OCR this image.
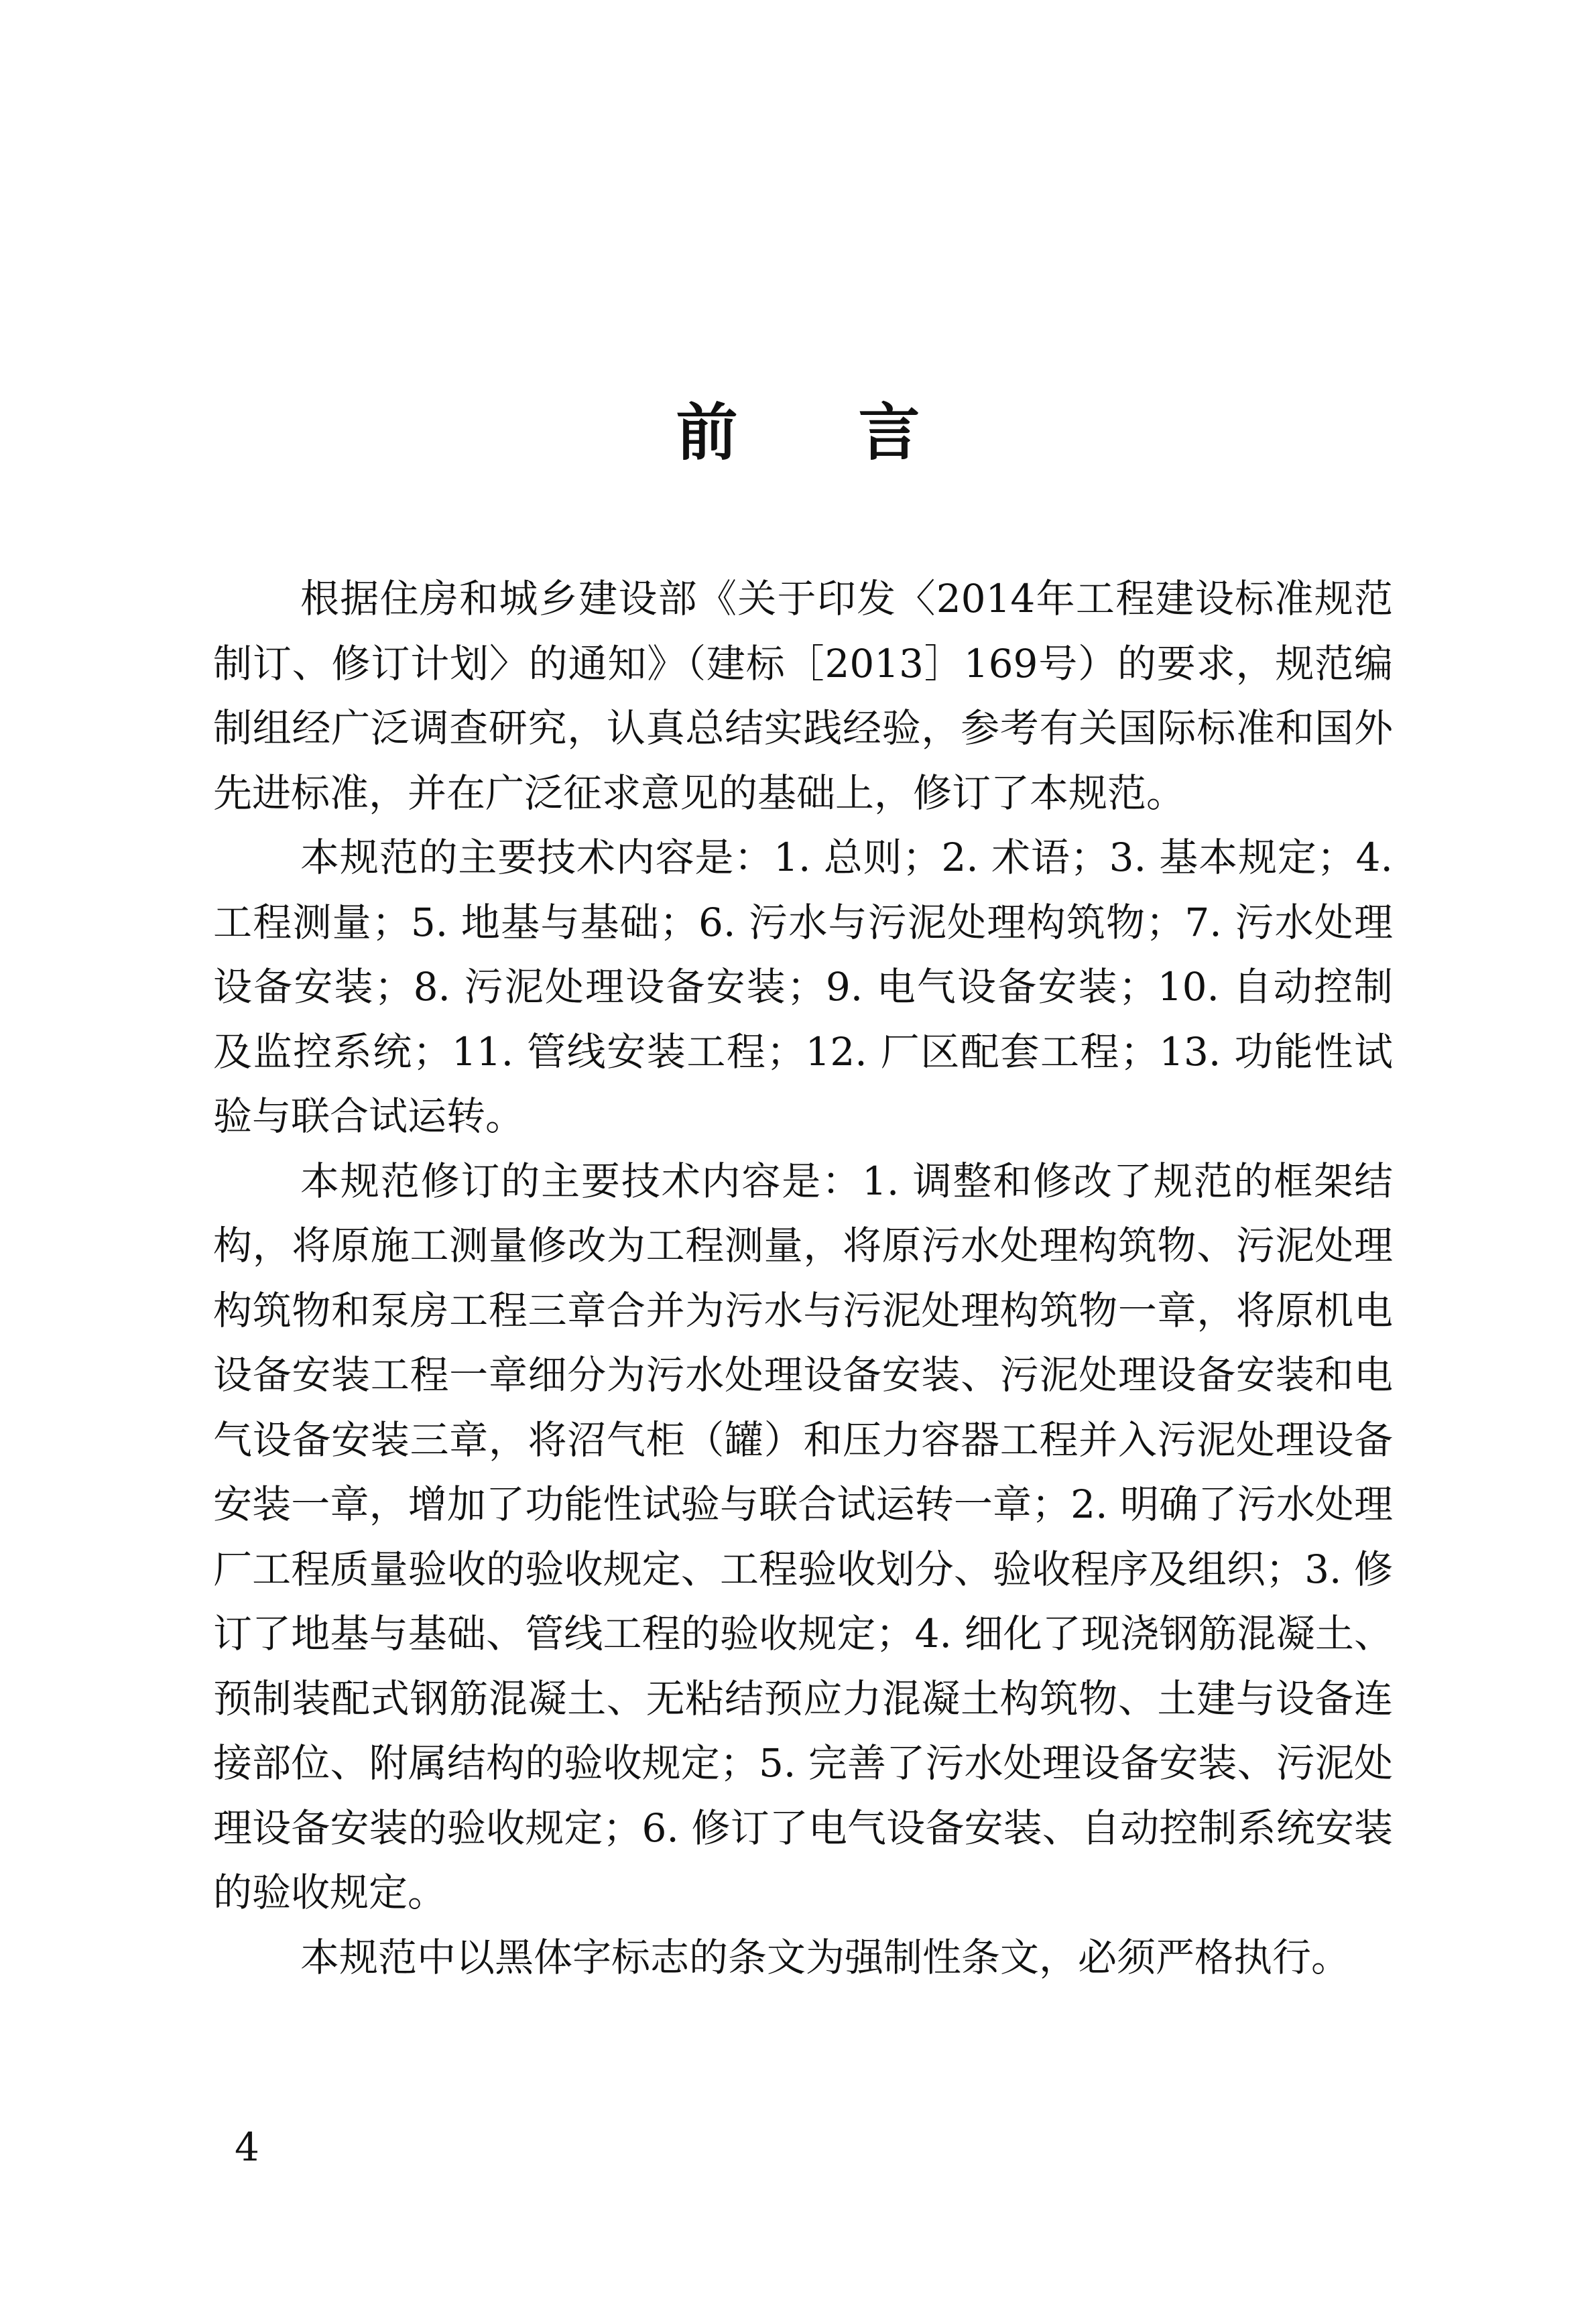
前 言

根据住房和城乡建设部《关于印发〈2014年工程建设标准规范制订、修订计划〉的通知》（建标［2013］169号）的要求，规范编制组经广泛调查研究，认真总结实践经验，参考有关国际标准和国外先进标准，并在广泛征求意见的基础上，修订了本规范。

本规范的主要技术内容是：1. 总则；2. 术语；3. 基本规定；4. 工程测量；5. 地基与基础；6. 污水与污泥处理构筑物；7. 污水处理设备安装；8. 污泥处理设备安装；9. 电气设备安装；10. 自动控制及监控系统；11. 管线安装工程；12. 厂区配套工程；13. 功能性试验与联合试运转。

本规范修订的主要技术内容是：1. 调整和修改了规范的框架结构，将原施工测量修改为工程测量，将原污水处理构筑物、污泥处理构筑物和泵房工程三章合并为污水与污泥处理构筑物一章，将原机电设备安装工程一章细分为污水处理设备安装、污泥处理设备安装和电气设备安装三章，将沼气柜（罐）和压力容器工程并入污泥处理设备安装一章，增加了功能性试验与联合试运转一章；2. 明确了污水处理厂工程质量验收的验收规定、工程验收划分、验收程序及组织；3. 修订了地基与基础、管线工程的验收规定；4. 细化了现浇钢筋混凝土、预制装配式钢筋混凝土、无粘结预应力混凝土构筑物、土建与设备连接部位、附属结构的验收规定；5. 完善了污水处理设备安装、污泥处理设备安装的验收规定；6. 修订了电气设备安装、自动控制系统安装的验收规定。

本规范中以黑体字标志的条文为强制性条文，必须严格执行。

4
